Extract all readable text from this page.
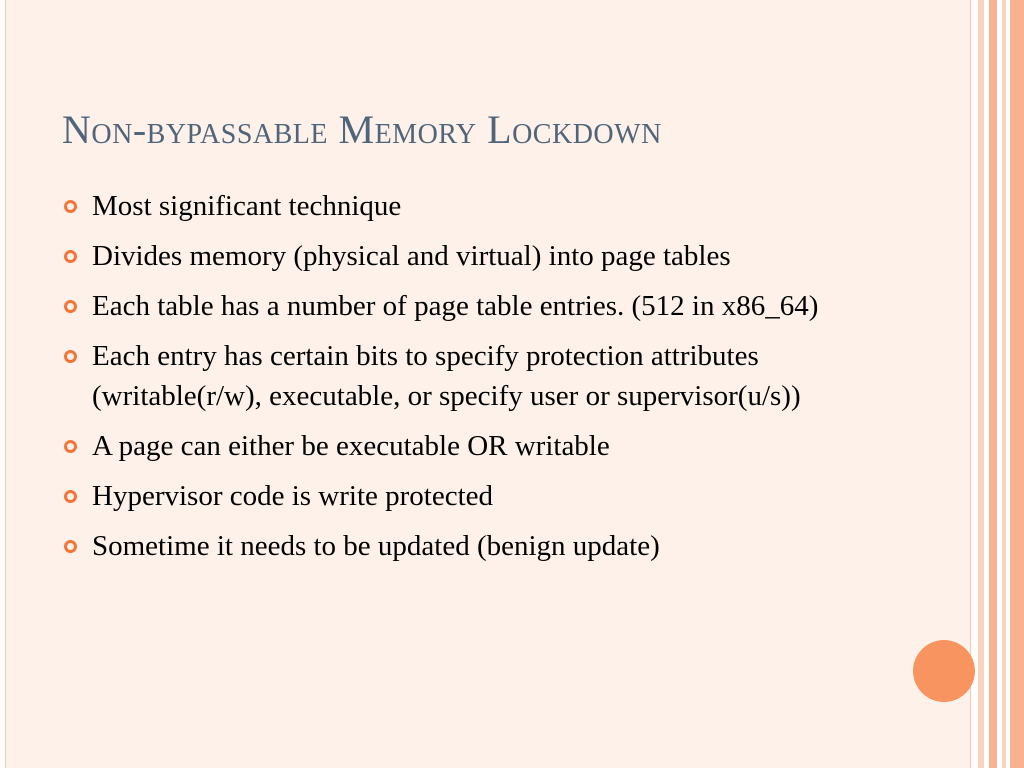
Non-bypassable Memory Lockdown
Most significant technique
Divides memory (physical and virtual) into page tables
Each table has a number of page table entries. (512 in x86_64)
Each entry has certain bits to specify protection attributes (writable(r/w), executable, or specify user or supervisor(u/s))
A page can either be executable OR writable
Hypervisor code is write protected
Sometime it needs to be updated (benign update)
